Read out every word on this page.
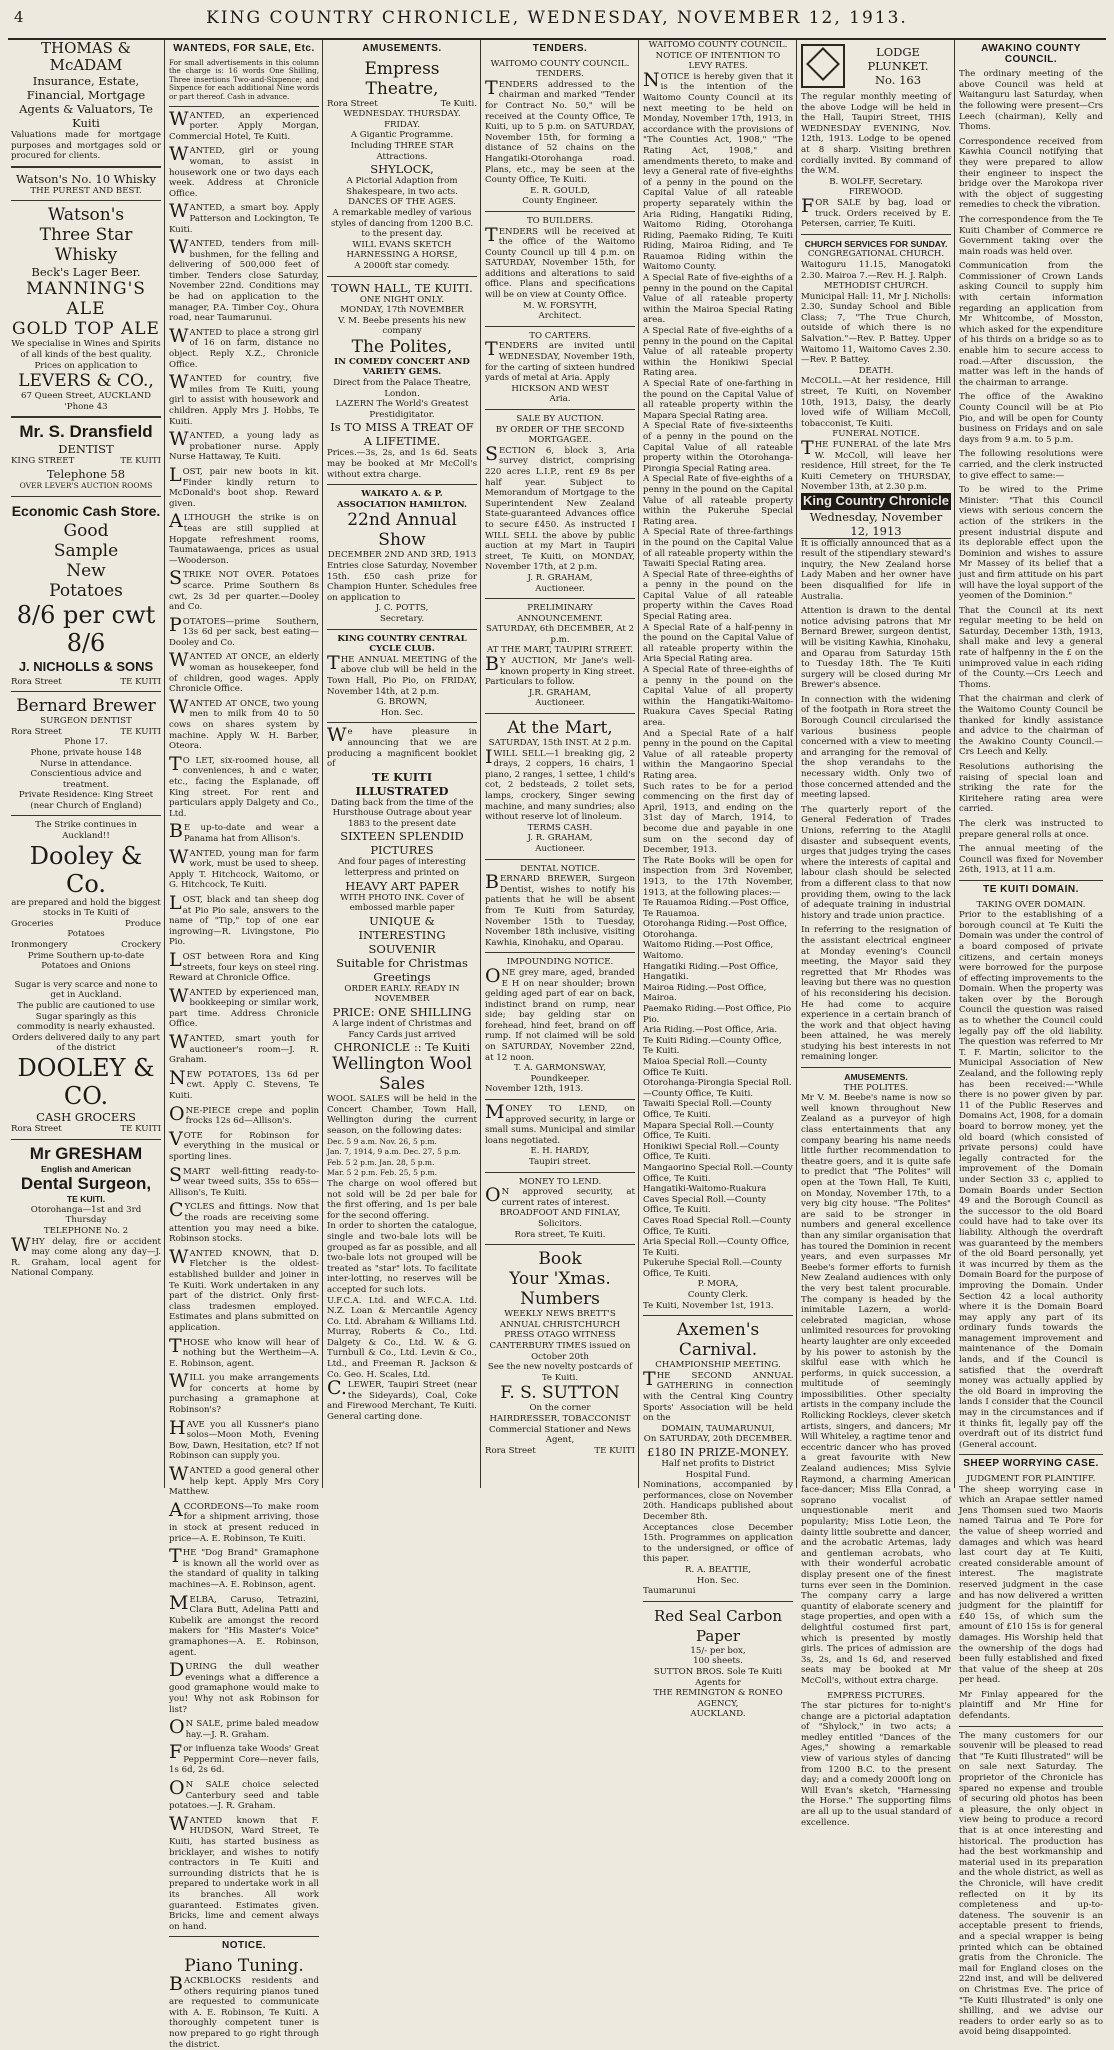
4	KING COUNTRY CHRONICLE, WEDNESDAY, NOVEMBER 12, 1913.
THOMAS & McADAM
Insurance, Estate, Financial, Mortgage Agents & Valuators, Te Kuiti
Valuations made for mortgage purposes and mortgages sold or procured for clients.
Watson's No. 10 Whisky
THE PUREST AND BEST.
Watson's
Three Star Whisky
Beck's Lager Beer.
MANNING'S ALE
GOLD TOP ALE
We specialise in Wines and Spirits of all kinds of the best quality.
Prices on application to
LEVERS & CO.,
67 Queen Street, AUCKLAND
'Phone 43
Mr. S. Dransfield
DENTIST
KING STREET	TE KUITI
Telephone 58
OVER LEVER'S AUCTION ROOMS
Economic Cash Store.
Good
Sample
New
Potatoes
8/6 per cwt 8/6
J. NICHOLLS & SONS
Rora Street	TE KUITI
Bernard Brewer
SURGEON DENTIST
Rora Street	TE KUITI
Phone 17.
Phone, private house 148
Nurse in attendance.
Conscientious advice and treatment.
Private Residence: King Street (near Church of England)
The Strike continues in Auckland!!
Dooley & Co.
are prepared and hold the biggest stocks in Te Kuiti of
Groceries	Produce
Potatoes
Ironmongery	Crockery
Prime Southern up-to-date Potatoes and Onions
Sugar is very scarce and none to get in Auckland.
The public are cautioned to use Sugar sparingly as this commodity is nearly exhausted.
Orders delivered daily to any part of the district
DOOLEY & CO.
CASH GROCERS
Rora Street	TE KUITI
Mr GRESHAM
English and American
Dental Surgeon,
TE KUITI.
Otorohanga—1st and 3rd Thursday
TELEPHONE No. 2
WHY delay, fire or accident may come along any day—J. R. Graham, local agent for National Company.
WANTEDS, FOR SALE, Etc.
For small advertisements in this column the charge is: 16 words One Shilling, Three insertions Two-and-Sixpence; and Sixpence for each additional Nine words or part thereof. Cash in advance.
WANTED, an experienced porter. Apply Morgan, Commercial Hotel, Te Kuiti.
WANTED, girl or young woman, to assist in housework one or two days each week. Address at Chronicle Office.
WANTED, a smart boy. Apply Patterson and Lockington, Te Kuiti.
WANTED, tenders from mill-bushmen, for the felling and delivering of 500,000 feet of timber. Tenders close Saturday, November 22nd. Conditions may be had on application to the manager, P.A. Timber Coy., Ohura road, near Taumarunui.
WANTED to place a strong girl of 16 on farm, distance no object. Reply X.Z., Chronicle Office.
WANTED for country, five miles from Te Kuiti, young girl to assist with housework and children. Apply Mrs J. Hobbs, Te Kuiti.
WANTED, a young lady as probationer nurse. Apply Nurse Hattaway, Te Kuiti.
LOST, pair new boots in kit. Finder kindly return to McDonald's boot shop. Reward given.
ALTHOUGH the strike is on teas are still supplied at Hopgate refreshment rooms, Taumatawaenga, prices as usual—Wooderson.
STRIKE NOT OVER. Potatoes scarce. Prime Southern 8s cwt, 2s 3d per quarter.—Dooley and Co.
POTATOES—prime Southern, 13s 6d per sack, best eating—Dooley and Co.
WANTED AT ONCE, an elderly woman as housekeeper, fond of children, good wages. Apply Chronicle Office.
WANTED AT ONCE, two young men to milk from 40 to 50 cows on shares system by machine. Apply W. H. Barber, Oteora.
TO LET, six-roomed house, all conveniences, h and c water, etc., facing the Esplanade, off King street. For rent and particulars apply Dalgety and Co., Ltd.
BE up-to-date and wear a Panama hat from Allison's.
WANTED, young man for farm work, must be used to sheep. Apply T. Hitchcock, Waitomo, or G. Hitchcock, Te Kuiti.
LOST, black and tan sheep dog at Pio Pio sale, answers to the name of "Tip," top of one ear ingrowing—R. Livingstone, Pio Pio.
LOST between Rora and King streets, four keys on steel ring. Reward at Chronicle Office.
WANTED by experienced man, bookkeeping or similar work, part time. Address Chronicle Office.
WANTED, smart youth for auctioneer's room—J. R. Graham.
NEW POTATOES, 13s 6d per cwt. Apply C. Stevens, Te Kuiti.
ONE-PIECE crepe and poplin frocks 12s 6d—Allison's.
VOTE for Robinson for everything in the musical or sporting lines.
SMART well-fitting ready-to-wear tweed suits, 35s to 65s—Allison's, Te Kuiti.
CYCLES and fittings. Now that the roads are receiving some attention you may need a bike. Robinson stocks.
WANTED KNOWN, that D. Fletcher is the oldest-established builder and joiner in Te Kuiti. Work undertaken in any part of the district. Only first-class tradesmen employed. Estimates and plans submitted on application.
THOSE who know will hear of nothing but the Wertheim—A. E. Robinson, agent.
WILL you make arrangements for concerts at home by purchasing a gramaphone at Robinson's?
HAVE you all Kussner's piano solos—Moon Moth, Evening Bow, Dawn, Hesitation, etc? If not Robinson can supply you.
WANTED a good general other help kept. Apply Mrs Cory Matthew.
ACCORDEONS—To make room for a shipment arriving, those in stock at present reduced in price—A. E. Robinson, Te Kuiti.
THE "Dog Brand" Gramaphone is known all the world over as the standard of quality in talking machines—A. E. Robinson, agent.
MELBA, Caruso, Tetrazini, Clara Butt, Adelina Patti and Kubelik are amongst the record makers for "His Master's Voice" gramaphones—A. E. Robinson, agent.
DURING the dull weather evenings what a difference a good gramaphone would make to you! Why not ask Robinson for list?
ON SALE, prime baled meadow hay.—J. R. Graham.
For influenza take Woods' Great Peppermint Core—never fails, 1s 6d, 2s 6d.
ON SALE choice selected Canterbury seed and table potatoes.—J. R. Graham.
WANTED known that F. HUDSON, Ward Street, Te Kuiti, has started business as bricklayer, and wishes to notify contractors in Te Kuiti and surrounding districts that he is prepared to undertake work in all its branches. All work guaranteed. Estimates given. Bricks, lime and cement always on hand.
NOTICE.
Piano Tuning.
BACKBLOCKS residents and others requiring pianos tuned are requested to communicate with A. E. Robinson, Te Kuiti. A thoroughly competent tuner is now prepared to go right through the district.
AMUSEMENTS.
Empress Theatre,
Rora Street	Te Kuiti.
WEDNESDAY. THURSDAY.
FRIDAY.
A Gigantic Programme.
Including THREE STAR Attractions.
SHYLOCK,
A Pictorial Adaption from Shakespeare, in two acts.
DANCES OF THE AGES.
A remarkable medley of various styles of dancing from 1200 B.C. to the present day.
WILL EVANS SKETCH HARNESSING A HORSE,
A 2000ft star comedy.
TOWN HALL, TE KUITI.
ONE NIGHT ONLY.
MONDAY, 17th NOVEMBER
V. M. Beebe presents his new company
The Polites,
IN COMEDY CONCERT AND VARIETY GEMS.
Direct from the Palace Theatre, London.
LAZERN The World's Greatest Prestidigitator.
Is TO MISS A TREAT OF A LIFETIME.
Prices.—3s, 2s, and 1s 6d. Seats may be booked at Mr McColl's without extra charge.
WAIKATO A. & P. ASSOCIATION HAMILTON.
22nd Annual Show
DECEMBER 2ND AND 3RD, 1913
Entries close Saturday, November 15th. £50 cash prize for Champion Hunter. Schedules free on application to
J. C. POTTS,
Secretary.
KING COUNTRY CENTRAL CYCLE CLUB.
THE ANNUAL MEETING of the above club will be held in the Town Hall, Pio Pio, on FRIDAY, November 14th, at 2 p.m.
G. BROWN,
Hon. Sec.
We have pleasure in announcing that we are producing a magnificent booklet of
TE KUITI ILLUSTRATED
Dating back from the time of the Hursthouse Outrage about year 1883 to the present date
SIXTEEN SPLENDID PICTURES
And four pages of interesting letterpress and printed on
HEAVY ART PAPER
WITH PHOTO INK. Cover of embossed marble paper
UNIQUE & INTERESTING SOUVENIR
Suitable for Christmas Greetings
ORDER EARLY. READY IN NOVEMBER
PRICE: ONE SHILLING
A large indent of Christmas and Fancy Cards just arrived
CHRONICLE :: Te Kuiti
Wellington Wool Sales
WOOL SALES will be held in the Concert Chamber, Town Hall, Wellington during the current season, on the following dates:
Dec. 5 9 a.m. Nov. 26, 5 p.m.
Jan. 7, 1914, 9 a.m. Dec. 27, 5 p.m.
Feb. 5 2 p.m. Jan. 28, 5 p.m.
Mar. 5 2 p.m. Feb. 25, 5 p.m.
The charge on wool offered but not sold will be 2d per bale for the first offering, and 1s per bale for the second offering.
In order to shorten the catalogue, single and two-bale lots will be grouped as far as possible, and all two-bale lots not grouped will be treated as "star" lots. To facilitate inter-lotting, no reserves will be accepted for such lots.
U.F.C.A. Ltd. and W.F.C.A. Ltd. N.Z. Loan & Mercantile Agency Co. Ltd. Abraham & Williams Ltd. Murray, Roberts & Co., Ltd. Dalgety & Co., Ltd. W. & G. Turnbull & Co., Ltd. Levin & Co., Ltd., and Freeman R. Jackson & Co. Geo. H. Scales, Ltd.
C.LEWER, Taupiri Street (near the Sideyards), Coal, Coke and Firewood Merchant, Te Kuiti. General carting done.
TENDERS.
WAITOMO COUNTY COUNCIL.
TENDERS.
TENDERS addressed to the chairman and marked "Tender for Contract No. 50," will be received at the County Office, Te Kuiti, up to 5 p.m. on SATURDAY, November 15th, for forming a distance of 52 chains on the Hangatiki-Otorohanga road. Plans, etc., may be seen at the County Office, Te Kuiti.
E. R. GOULD,
County Engineer.
TO BUILDERS.
TENDERS will be received at the office of the Waitomo County Council up till 4 p.m. on SATURDAY, November 15th, for additions and alterations to said office. Plans and specifications will be on view at County Office.
M. W. FORSYTH,
Architect.
TO CARTERS.
TENDERS are invited until WEDNESDAY, November 19th, for the carting of sixteen hundred yards of metal at Aria. Apply
HICKSON AND WEST
Aria.
SALE BY AUCTION.
BY ORDER OF THE SECOND MORTGAGEE.
SECTION 6, block 3, Aria survey district, comprising 220 acres L.I.P., rent £9 8s per half year. Subject to Memorandum of Mortgage to the Superintendent New Zealand State-guaranteed Advances office to secure £450. As instructed I WILL SELL the above by public auction at my Mart in Taupiri street, Te Kuiti, on MONDAY, November 17th, at 2 p.m.
J. R. GRAHAM,
Auctioneer.
PRELIMINARY ANNOUNCEMENT.
SATURDAY, 6th DECEMBER, At 2 p.m.
AT THE MART, TAUPIRI STREET.
BY AUCTION, Mr Jane's well-known property in King street. Particulars to follow.
J.R. GRAHAM,
Auctioneer.
At the Mart,
SATURDAY, 15th INST. At 2 p.m.
IWILL SELL—1 breaking gig, 2 drays, 2 coppers, 16 chairs, 1 piano, 2 ranges, 1 settee, 1 child's cot, 2 bedsteads, 2 toilet sets, lamps, crockery, Singer sewing machine, and many sundries; also without reserve lot of linoleum.
TERMS CASH.
J. R. GRAHAM,
Auctioneer.
DENTAL NOTICE.
BERNARD BREWER, Surgeon Dentist, wishes to notify his patients that he will be absent from Te Kuiti from Saturday, November 15th to Tuesday, November 18th inclusive, visiting Kawhia, Kinohaku, and Oparau.
IMPOUNDING NOTICE.
ONE grey mare, aged, branded E H on near shoulder; brown gelding aged part of ear on back, indistinct brand on rump, near side; bay gelding star on forehead, hind feet, brand on off rump. If not claimed will be sold on SATURDAY, November 22nd, at 12 noon.
T. A. GARMONSWAY,
Poundkeeper.
November 12th, 1913.
MONEY TO LEND, on approved security, in large or small sums. Municipal and similar loans negotiated.
E. H. HARDY,
Taupiri street.
MONEY TO LEND.
ON approved security, at current rates of interest.
BROADFOOT AND FINLAY,
Solicitors.
Rora street, Te Kuiti.
Book
Your 'Xmas. Numbers
WEEKLY NEWS BRETT'S ANNUAL CHRISTCHURCH PRESS OTAGO WITNESS CANTERBURY TIMES issued on October 20th
See the new novelty postcards of Te Kuiti.
F. S. SUTTON
On the corner
HAIRDRESSER, TOBACCONIST
Commercial Stationer and News Agent,
Rora Street	TE KUITI
WAITOMO COUNTY COUNCIL.
NOTICE OF INTENTION TO LEVY RATES.
NOTICE is hereby given that it is the intention of the Waitomo County Council at its next meeting to be held on Monday, November 17th, 1913, in accordance with the provisions of "The Counties Act, 1908," "The Rating Act, 1908," and amendments thereto, to make and levy a General rate of five-eighths of a penny in the pound on the Capital Value of all rateable property separately within the Aria Riding, Hangatiki Riding, Waitomo Riding, Otorohanga Riding, Paemako Riding, Te Kuiti Riding, Mairoa Riding, and Te Rauamoa Riding within the Waitomo County.
A Special Rate of five-eighths of a penny in the pound on the Capital Value of all rateable property within the Mairoa Special Rating area.
A Special Rate of five-eighths of a penny in the pound on the Capital Value of all rateable property within the Honikiwi Special Rating area.
A Special Rate of one-farthing in the pound on the Capital Value of all rateable property within the Mapara Special Rating area.
A Special Rate of five-sixteenths of a penny in the pound on the Capital Value of all rateable property within the Otorohanga-Pirongia Special Rating area.
A Special Rate of five-eighths of a penny in the pound on the Capital Value of all rateable property within the Pukeruhe Special Rating area.
A Special Rate of three-farthings in the pound on the Capital Value of all rateable property within the Tawaiti Special Rating area.
A Special Rate of three-eighths of a penny in the pound on the Capital Value of all rateable property within the Caves Road Special Rating area.
A Special Rate of a half-penny in the pound on the Capital Value of all rateable property within the Aria Special Rating area.
A Special Rate of three-eighths of a penny in the pound on the Capital Value of all property within the Hangatiki-Waitomo-Ruakura Caves Special Rating area.
And a Special Rate of a half penny in the pound on the Capital Value of all rateable property within the Mangaorino Special Rating area.
Such rates to be for a period commencing on the first day of April, 1913, and ending on the 31st day of March, 1914, to become due and payable in one sum on the second day of December, 1913.
The Rate Books will be open for inspection from 3rd November, 1913, to the 17th November, 1913, at the following places:—
Te Rauamoa Riding.—Post Office, Te Rauamoa.
Otorohanga Riding.—Post Office, Otorohanga.
Waitomo Riding.—Post Office, Waitomo.
Hangatiki Riding.—Post Office, Hangatiki.
Mairoa Riding.—Post Office, Mairoa.
Paemako Riding.—Post Office, Pio Pio.
Aria Riding.—Post Office, Aria.
Te Kuiti Riding.—County Office, Te Kuiti.
Maioa Special Roll.—County Office Te Kuiti.
Otorohanga-Pirongia Special Roll.—County Office, Te Kuiti.
Tawaiti Special Roll.—County Office, Te Kuiti.
Mapara Special Roll.—County Office, Te Kuiti.
Honikiwi Special Roll.—County Office, Te Kuiti.
Mangaorino Special Roll.—County Office, Te Kuiti.
Hangatiki-Waitomo-Ruakura Caves Special Roll.—County Office, Te Kuiti.
Caves Road Special Roll.—County Office, Te Kuiti.
Aria Special Roll.—County Office, Te Kuiti.
Pukeruhe Special Roll.—County Office, Te Kuiti.
P. MORA,
County Clerk.
Te Kuiti, November 1st, 1913.
Axemen's Carnival.
CHAMPIONSHIP MEETING.
THE SECOND ANNUAL GATHERING in connection with the Central King Country Sports' Association will be held on the
DOMAIN, TAUMARUNUI,
On SATURDAY, 20th DECEMBER.
£180 IN PRIZE-MONEY.
Half net profits to District Hospital Fund.
Nominations, accompanied by performances, close on November 20th. Handicaps published about December 8th.
Acceptances close December 15th. Programmes on application to the undersigned, or office of this paper.
R. A. BEATTIE,
Hon. Sec.
Taumarunui
Red Seal Carbon Paper
15/- per box,
100 sheets.
SUTTON BROS. Sole Te Kuiti Agents for
THE REMINGTON & RONEO AGENCY,
AUCKLAND.
LODGE PLUNKET.
No. 163
The regular monthly meeting of the above Lodge will be held in the Hall, Taupiri Street, THIS WEDNESDAY EVENING, Nov. 12th, 1913. Lodge to be opened at 8 sharp. Visiting brethren cordially invited. By command of the W.M.
B. WOLFF, Secretary.
FIREWOOD.
FOR SALE by bag, load or truck. Orders received by E. Petersen, carrier, Te Kuiti.
CHURCH SERVICES FOR SUNDAY.
CONGREGATIONAL CHURCH.
Waitoguru 11.15, Manogatoki 2.30. Mairoa 7.—Rev. H. J. Ralph.
METHODIST CHURCH.
Municipal Hall: 11, Mr J. Nicholls: 2.30, Sunday School and Bible Class; 7, "The True Church, outside of which there is no Salvation."—Rev. P. Battey. Upper Waitomo 11, Waitomo Caves 2.30.—Rev. P. Battey.
DEATH.
McCOLL.—At her residence, Hill street, Te Kuiti, on November 10th, 1913, Daisy, the dearly loved wife of William McColl, tobacconist, Te Kuiti.
FUNERAL NOTICE.
THE FUNERAL of the late Mrs W. McColl, will leave her residence, Hill street, for the Te Kuiti Cemetery on THURSDAY, November 13th, at 2.30 p.m.
King Country Chronicle
Wednesday, November 12, 1913
It is officially announced that as a result of the stipendiary steward's inquiry, the New Zealand horse Lady Maben and her owner have been disqualified for life in Australia.
Attention is drawn to the dental notice advising patrons that Mr Bernard Brewer, surgeon dentist, will be visiting Kawhia, Kinohaku, and Oparau from Saturday 15th to Tuesday 18th. The Te Kuiti surgery will be closed during Mr Brewer's absence.
In connection with the widening of the footpath in Rora street the Borough Council circularised the various business people concerned with a view to meeting and arranging for the removal of the shop verandahs to the necessary width. Only two of those concerned attended and the meeting lapsed.
The quarterly report of the General Federation of Trades Unions, referring to the Ataglil disaster and subsequent events, urges that judges trying the cases where the interests of capital and labour clash should be selected from a different class to that now providing them, owing to the lack of adequate training in industrial history and trade union practice.
In referring to the resignation of the assistant electrical engineer at Monday evening's Council meeting, the Mayor said they regretted that Mr Rhodes was leaving but there was no question of his reconsidering his decision. He had come to acquire experience in a certain branch of the work and that object having been attained, he was merely studying his best interests in not remaining longer.
AMUSEMENTS.
THE POLITES.
Mr V. M. Beebe's name is now so well known throughout New Zealand as a purveyor of high class entertainments that any company bearing his name needs little further recommendation to theatre goers, and it is quite safe to predict that "The Polites" will open at the Town Hall, Te Kuiti, on Monday, November 17th, to a very big city house. "The Polites" are said to be stronger in numbers and general excellence than any similar organisation that has toured the Dominion in recent years, and even surpasses Mr Beebe's former efforts to furnish New Zealand audiences with only the very best talent procurable. The company is headed by the inimitable Lazern, a world-celebrated magician, whose unlimited resources for provoking hearty laughter are only exceeded by his power to astonish by the skilful ease with which he performs, in quick succession, a multitude of seemingly impossibilities. Other specialty artists in the company include the Rollicking Rockleys, clever sketch artists, singers, and dancers; Mr Will Whiteley, a ragtime tenor and eccentric dancer who has proved a great favourite with New Zealand audiences; Miss Sylvie Raymond, a charming American face-dancer; Miss Ella Conrad, a soprano vocalist of unquestionable merit and popularity; Miss Lotie Leon, the dainty little soubrette and dancer, and the acrobatic Artemas, lady and gentleman acrobats, who with their wonderful acrobatic display present one of the finest turns ever seen in the Dominion. The company carry a large quantity of elaborate scenery and stage properties, and open with a delightful costumed first part, which is presented by mostly girls. The prices of admission are 3s, 2s, and 1s 6d, and reserved seats may be booked at Mr McColl's, without extra charge.
EMPRESS PICTURES.
The star pictures for to-night's change are a pictorial adaptation of "Shylock," in two acts; a medley entitled "Dances of the Ages," showing a remarkable view of various styles of dancing from 1200 B.C. to the present day; and a comedy 2000ft long on Will Evan's sketch, "Harnessing the Horse." The supporting films are all up to the usual standard of excellence.
AWAKINO COUNTY COUNCIL.
The ordinary meeting of the above Council was held at Waitanguru last Saturday, when the following were present—Crs Leech (chairman), Kelly and Thoms.
Correspondence received from Kawhia Council notifying that they were prepared to allow their engineer to inspect the bridge over the Marokopa river with the object of suggesting remedies to check the vibration.
The correspondence from the Te Kuiti Chamber of Commerce re Government taking over the main roads was held over.
Communication from the Commissioner of Crown Lands asking Council to supply him with certain information regarding an application from Mr Whitcombe, of Mosston, which asked for the expenditure of his thirds on a bridge so as to enable him to secure access to road.—After discussion, the matter was left in the hands of the chairman to arrange.
The office of the Awakino County Council will be at Pio Pio, and will be open for County business on Fridays and on sale days from 9 a.m. to 5 p.m.
The following resolutions were carried, and the clerk instructed to give effect to same:—
To be wired to the Prime Minister: "That this Council views with serious concern the action of the strikers in the present industrial dispute and its deplorable effect upon the Dominion and wishes to assure Mr Massey of its belief that a just and firm attitude on his part will have the loyal support of the yeomen of the Dominion."
That the Council at its next regular meeting to be held on Saturday, December 13th, 1913, shall make and levy a general rate of halfpenny in the £ on the unimproved value in each riding of the County.—Crs Leech and Thoms.
That the chairman and clerk of the Waitomo County Council be thanked for kindly assistance and advice to the chairman of the Awakino County Council.—Crs Leech and Kelly.
Resolutions authorising the raising of special loan and striking the rate for the Kiritehere rating area were carried.
The clerk was instructed to prepare general rolls at once.
The annual meeting of the Council was fixed for November 26th, 1913, at 11 a.m.
TE KUITI DOMAIN.
TAKING OVER DOMAIN.
Prior to the establishing of a borough council at Te Kuiti the Domain was under the control of a board composed of private citizens, and certain moneys were borrowed for the purpose of effecting improvements to the Domain. When the property was taken over by the Borough Council the question was raised as to whether the Council could legally pay off the old liability. The question was referred to Mr T. F. Martin, solicitor to the Municipal Association of New Zealand, and the following reply has been received:—"While there is no power given by par. 11 of the Public Reserves and Domains Act, 1908, for a domain board to borrow money, yet the old board (which consisted of private persons) could have legally contracted for the improvement of the Domain under Section 33 c, applied to Domain Boards under Section 49 and the Borough Council as the successor to the old Board could have had to take over its liability. Although the overdraft was guaranteed by the members of the old Board personally, yet it was incurred by them as the Domain Board for the purpose of improving the Domain. Under Section 42 a local authority where it is the Domain Board may apply any part of its ordinary funds towards the management improvement and maintenance of the Domain lands, and if the Council is satisfied that the overdraft money was actually applied by the old Board in improving the lands I consider that the Council may in the circumstances and if it thinks fit, legally pay off the overdraft out of its district fund (General account.
SHEEP WORRYING CASE.
JUDGMENT FOR PLAINTIFF.
The sheep worrying case in which an Arapae settler named Jens Thomsen sued two Maoris named Tairua and Te Pore for the value of sheep worried and damages and which was heard last court day at Te Kuiti, created considerable amount of interest. The magistrate reserved judgment in the case and has now delivered a written judgment for the plaintiff for £40 15s, of which sum the amount of £10 15s is for general damages. His Worship held that the ownership of the dogs had been fully established and fixed that value of the sheep at 20s per head.
Mr Finlay appeared for the plaintiff and Mr Hine for defendants.
The many customers for our souvenir will be pleased to read that "Te Kuiti Illustrated" will be on sale next Saturday. The proprietor of the Chronicle has spared no expense and trouble of securing old photos has been a pleasure, the only object in view being to produce a record that is at once interesting and historical. The production has had the best workmanship and material used in its preparation and the whole district, as well as the Chronicle, will have credit reflected on it by its completeness and up-to-dateness. The souvenir is an acceptable present to friends, and a special wrapper is being printed which can be obtained gratis from the Chronicle. The mail for England closes on the 22nd inst, and will be delivered on Christmas Eve. The price of "Te Kuiti Illustrated" is only one shilling, and we advise our readers to order early so as to avoid being disappointed.
